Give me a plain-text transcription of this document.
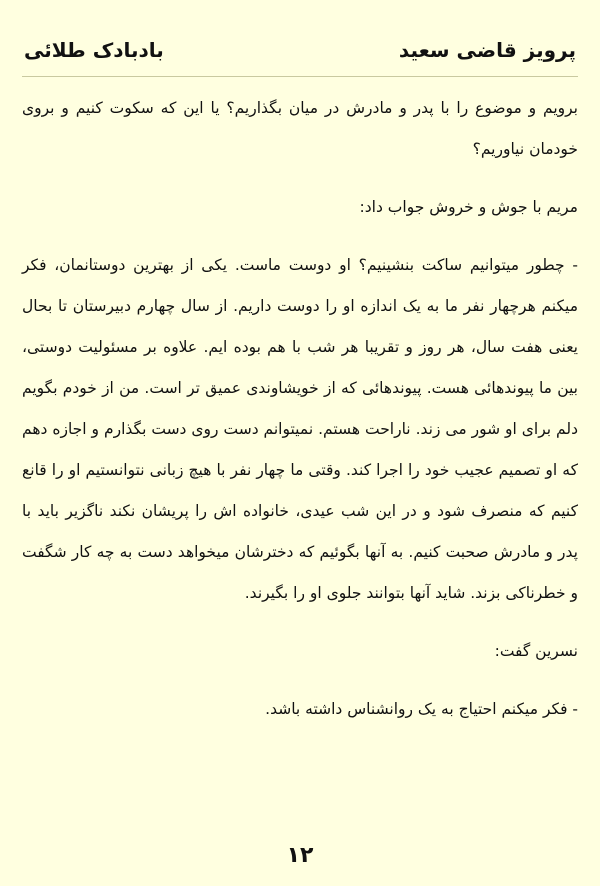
پرویز قاضی سعید
بادبادک طلائی

برویم و موضوع را با پدر و مادرش در میان بگذاریم؟ یا این که سکوت کنیم و بروی خودمان نیاوریم؟

مریم با جوش و خروش جواب داد:

- چطور میتوانیم ساکت بنشینیم؟ او دوست ماست. یکی از بهترین دوستانمان، فکر میکنم هرچهار نفر ما به یک اندازه او را دوست داریم. از سال چهارم دبیرستان تا بحال یعنی هفت سال، هر روز و تقریبا هر شب با هم بوده ایم. علاوه بر مسئولیت دوستی، بین ما پیوندهائی هست. پیوندهائی که از خویشاوندی عمیق تر است. من از خودم بگویم دلم برای او شور می زند. ناراحت هستم. نمیتوانم دست روی دست بگذارم و اجازه دهم که او تصمیم عجیب خود را اجرا کند. وقتی ما چهار نفر با هیچ زبانی نتوانستیم او را قانع کنیم که منصرف شود و در این شب عیدی، خانواده اش را پریشان نکند ناگزیر باید با پدر و مادرش صحبت کنیم. به آنها بگوئیم که دخترشان میخواهد دست به چه کار شگفت و خطرناکی بزند. شاید آنها بتوانند جلوی او را بگیرند.

نسرین گفت:

- فکر میکنم احتیاج به یک روانشناس داشته باشد.

۱۲
